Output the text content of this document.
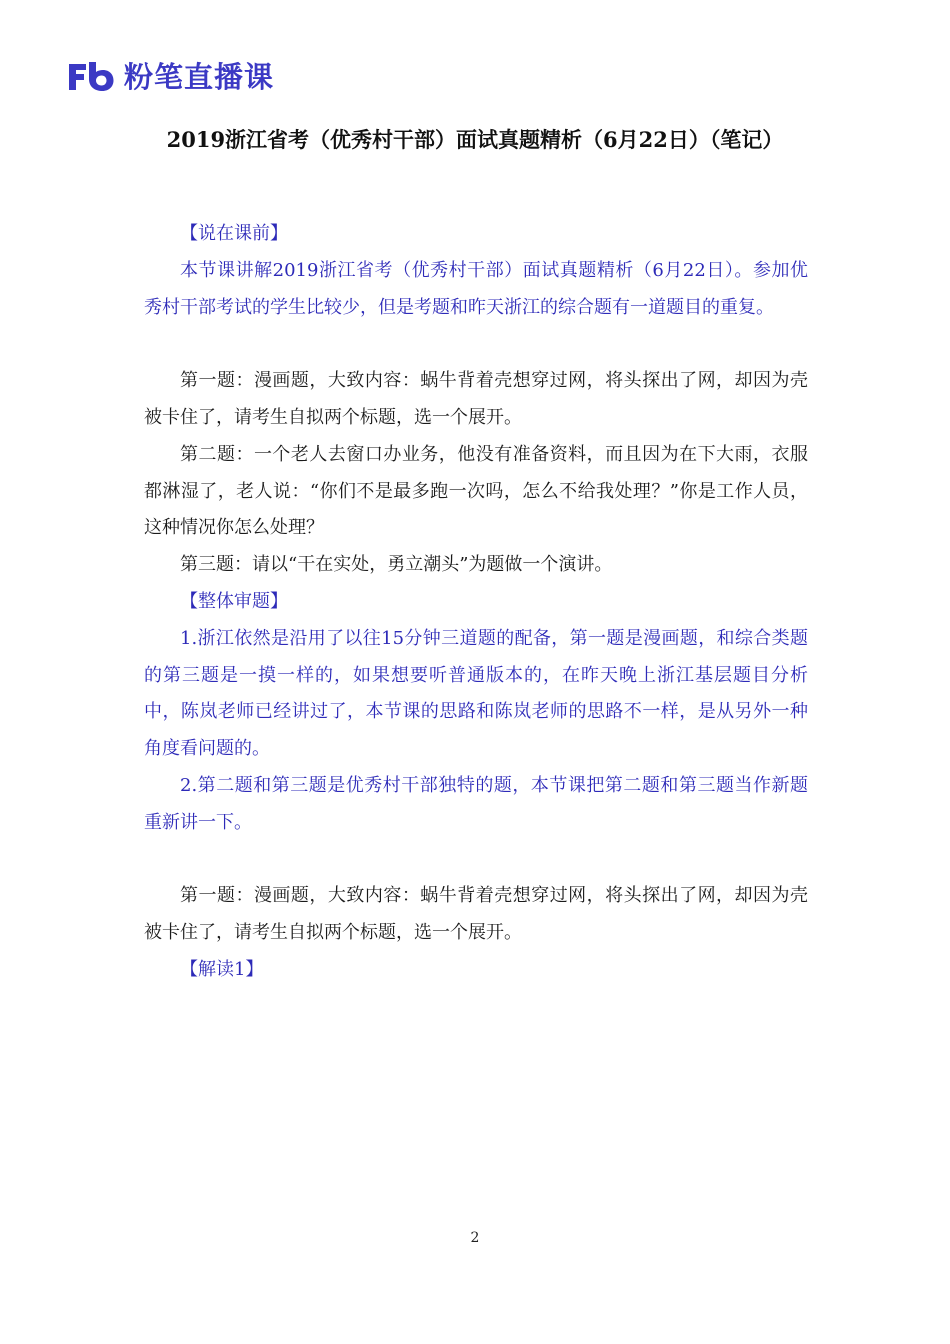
粉笔直播课
2019浙江省考（优秀村干部）面试真题精析（6月22日）（笔记）

【说在课前】

本节课讲解2019浙江省考（优秀村干部）面试真题精析（6月22日）。参加优秀村干部考试的学生比较少，但是考题和昨天浙江的综合题有一道题目的重复。

第一题：漫画题，大致内容：蜗牛背着壳想穿过网，将头探出了网，却因为壳被卡住了，请考生自拟两个标题，选一个展开。

第二题：一个老人去窗口办业务，他没有准备资料，而且因为在下大雨，衣服都淋湿了，老人说：“你们不是最多跑一次吗，怎么不给我处理？”你是工作人员，这种情况你怎么处理？

第三题：请以“干在实处，勇立潮头”为题做一个演讲。

【整体审题】

1.浙江依然是沿用了以往15分钟三道题的配备，第一题是漫画题，和综合类题的第三题是一摸一样的，如果想要听普通版本的，在昨天晚上浙江基层题目分析中，陈岚老师已经讲过了，本节课的思路和陈岚老师的思路不一样，是从另外一种角度看问题的。

2.第二题和第三题是优秀村干部独特的题，本节课把第二题和第三题当作新题重新讲一下。

第一题：漫画题，大致内容：蜗牛背着壳想穿过网，将头探出了网，却因为壳被卡住了，请考生自拟两个标题，选一个展开。

【解读1】

2
